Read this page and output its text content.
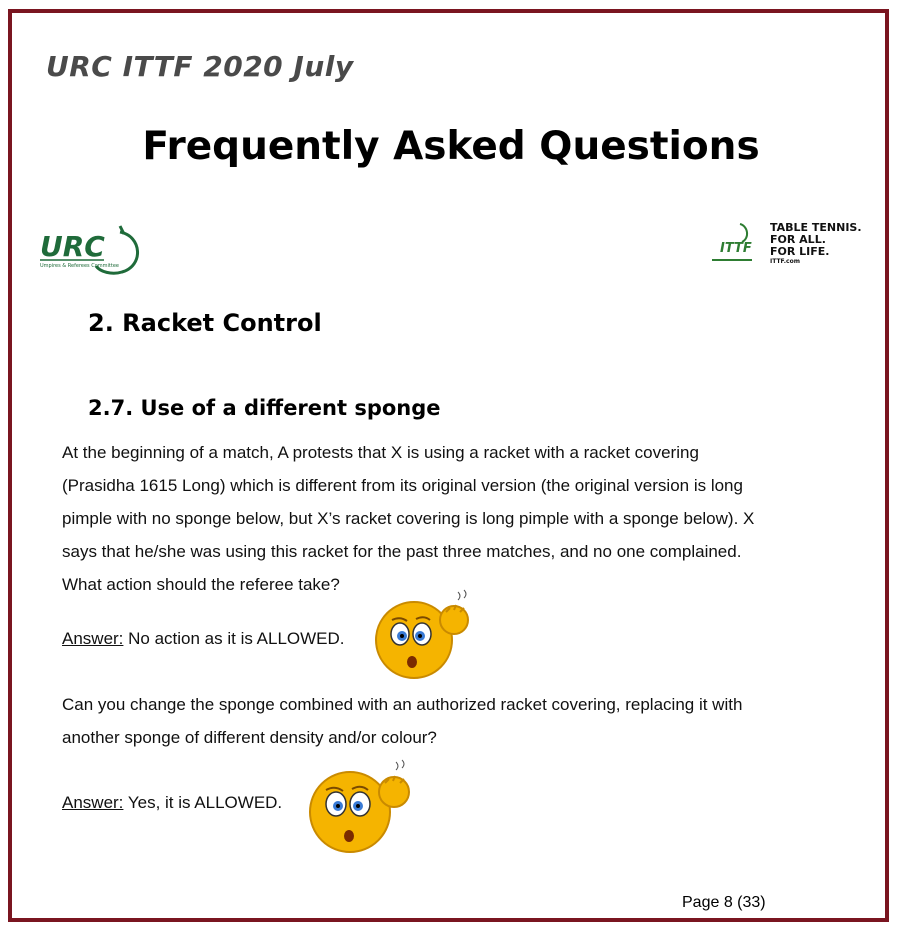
URC ITTF 2020 July
Frequently Asked Questions
URC
Umpires & Referees Committee
ITTF
TABLE TENNIS.
FOR ALL.
FOR LIFE.
ITTF.com
2. Racket Control
2.7. Use of a different sponge

At the beginning of a match, A protests that X is using a racket with a racket covering

(Prasidha 1615 Long) which is different from its original version (the original version is long

pimple with no sponge below, but X’s racket covering is long pimple with a sponge below). X

says that he/she was using this racket for the past three matches, and no one complained.

What action should the referee take?

Answer: No action as it is ALLOWED.

Can you change the sponge combined with an authorized racket covering, replacing it with

another sponge of different density and/or colour?

Answer: Yes, it is ALLOWED.
Page 8 (33)
